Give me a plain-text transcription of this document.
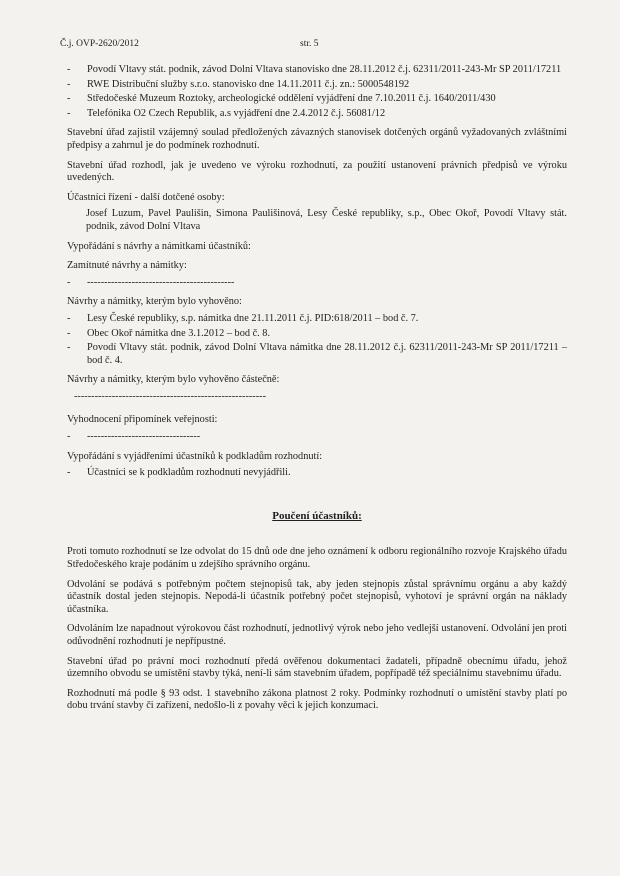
Č.j. OVP-2620/2012	str. 5
- Povodí Vltavy stát. podnik, závod Dolní Vltava stanovisko dne 28.11.2012 č.j. 62311/2011-243-Mr SP 2011/17211
- RWE Distribuční služby s.r.o. stanovisko dne 14.11.2011 č.j. zn.: 5000548192
- Středočeské Muzeum Roztoky, archeologické oddělení vyjádření dne 7.10.2011 č.j. 1640/2011/430
- Telefónika O2 Czech Republik, a.s vyjádření dne 2.4.2012 č.j. 56081/12

Stavební úřad zajistil vzájemný soulad předložených závazných stanovisek dotčených orgánů vyžadovaných zvláštními předpisy a zahrnul je do podmínek rozhodnutí.

Stavební úřad rozhodl, jak je uvedeno ve výroku rozhodnutí, za použití ustanovení právních předpisů ve výroku uvedených.

Účastníci řízení - další dotčené osoby:

Josef Luzum, Pavel Paulišin, Simona Paulišinová, Lesy České republiky, s.p., Obec Okoř, Povodí Vltavy stát. podnik, závod Dolní Vltava

Vypořádání s návrhy a námitkami účastníků:

Zamítnuté návrhy a námitky:

- -------------------------------------------

Návrhy a námitky, kterým bylo vyhověno:

- Lesy České republiky, s.p. námitka dne 21.11.2011 č.j. PID:618/2011 – bod č. 7.
- Obec Okoř námitka dne 3.1.2012 – bod č. 8.
- Povodí Vltavy stát. podnik, závod Dolní Vltava námitka dne 28.11.2012 č.j. 62311/2011-243-Mr SP 2011/17211 – bod č. 4.

Návrhy a námitky, kterým bylo vyhověno částečně:

--------------------------------------------------------

Vyhodnocení připomínek veřejnosti:

- ---------------------------------

Vypořádání s vyjádřeními účastníků k podkladům rozhodnutí:

- Účastníci se k podkladům rozhodnutí nevyjádřili.

Poučení účastníků:

Proti tomuto rozhodnutí se lze odvolat do 15 dnů ode dne jeho oznámení k odboru regionálního rozvoje Krajského úřadu Středočeského kraje podáním u zdejšího správního orgánu.

Odvolání se podává s potřebným počtem stejnopisů tak, aby jeden stejnopis zůstal správnímu orgánu a aby každý účastník dostal jeden stejnopis. Nepodá-li účastník potřebný počet stejnopisů, vyhotoví je správní orgán na náklady účastníka.

Odvoláním lze napadnout výrokovou část rozhodnutí, jednotlivý výrok nebo jeho vedlejší ustanovení. Odvolání jen proti odůvodnění rozhodnutí je nepřípustné.

Stavební úřad po právní moci rozhodnutí předá ověřenou dokumentaci žadateli, případně obecnímu úřadu, jehož územního obvodu se umístění stavby týká, není-li sám stavebním úřadem, popřípadě též speciálnímu stavebnímu úřadu.

Rozhodnutí má podle § 93 odst. 1 stavebního zákona platnost 2 roky. Podmínky rozhodnutí o umístění stavby platí po dobu trvání stavby či zařízení, nedošlo-li z povahy věci k jejich konzumaci.
